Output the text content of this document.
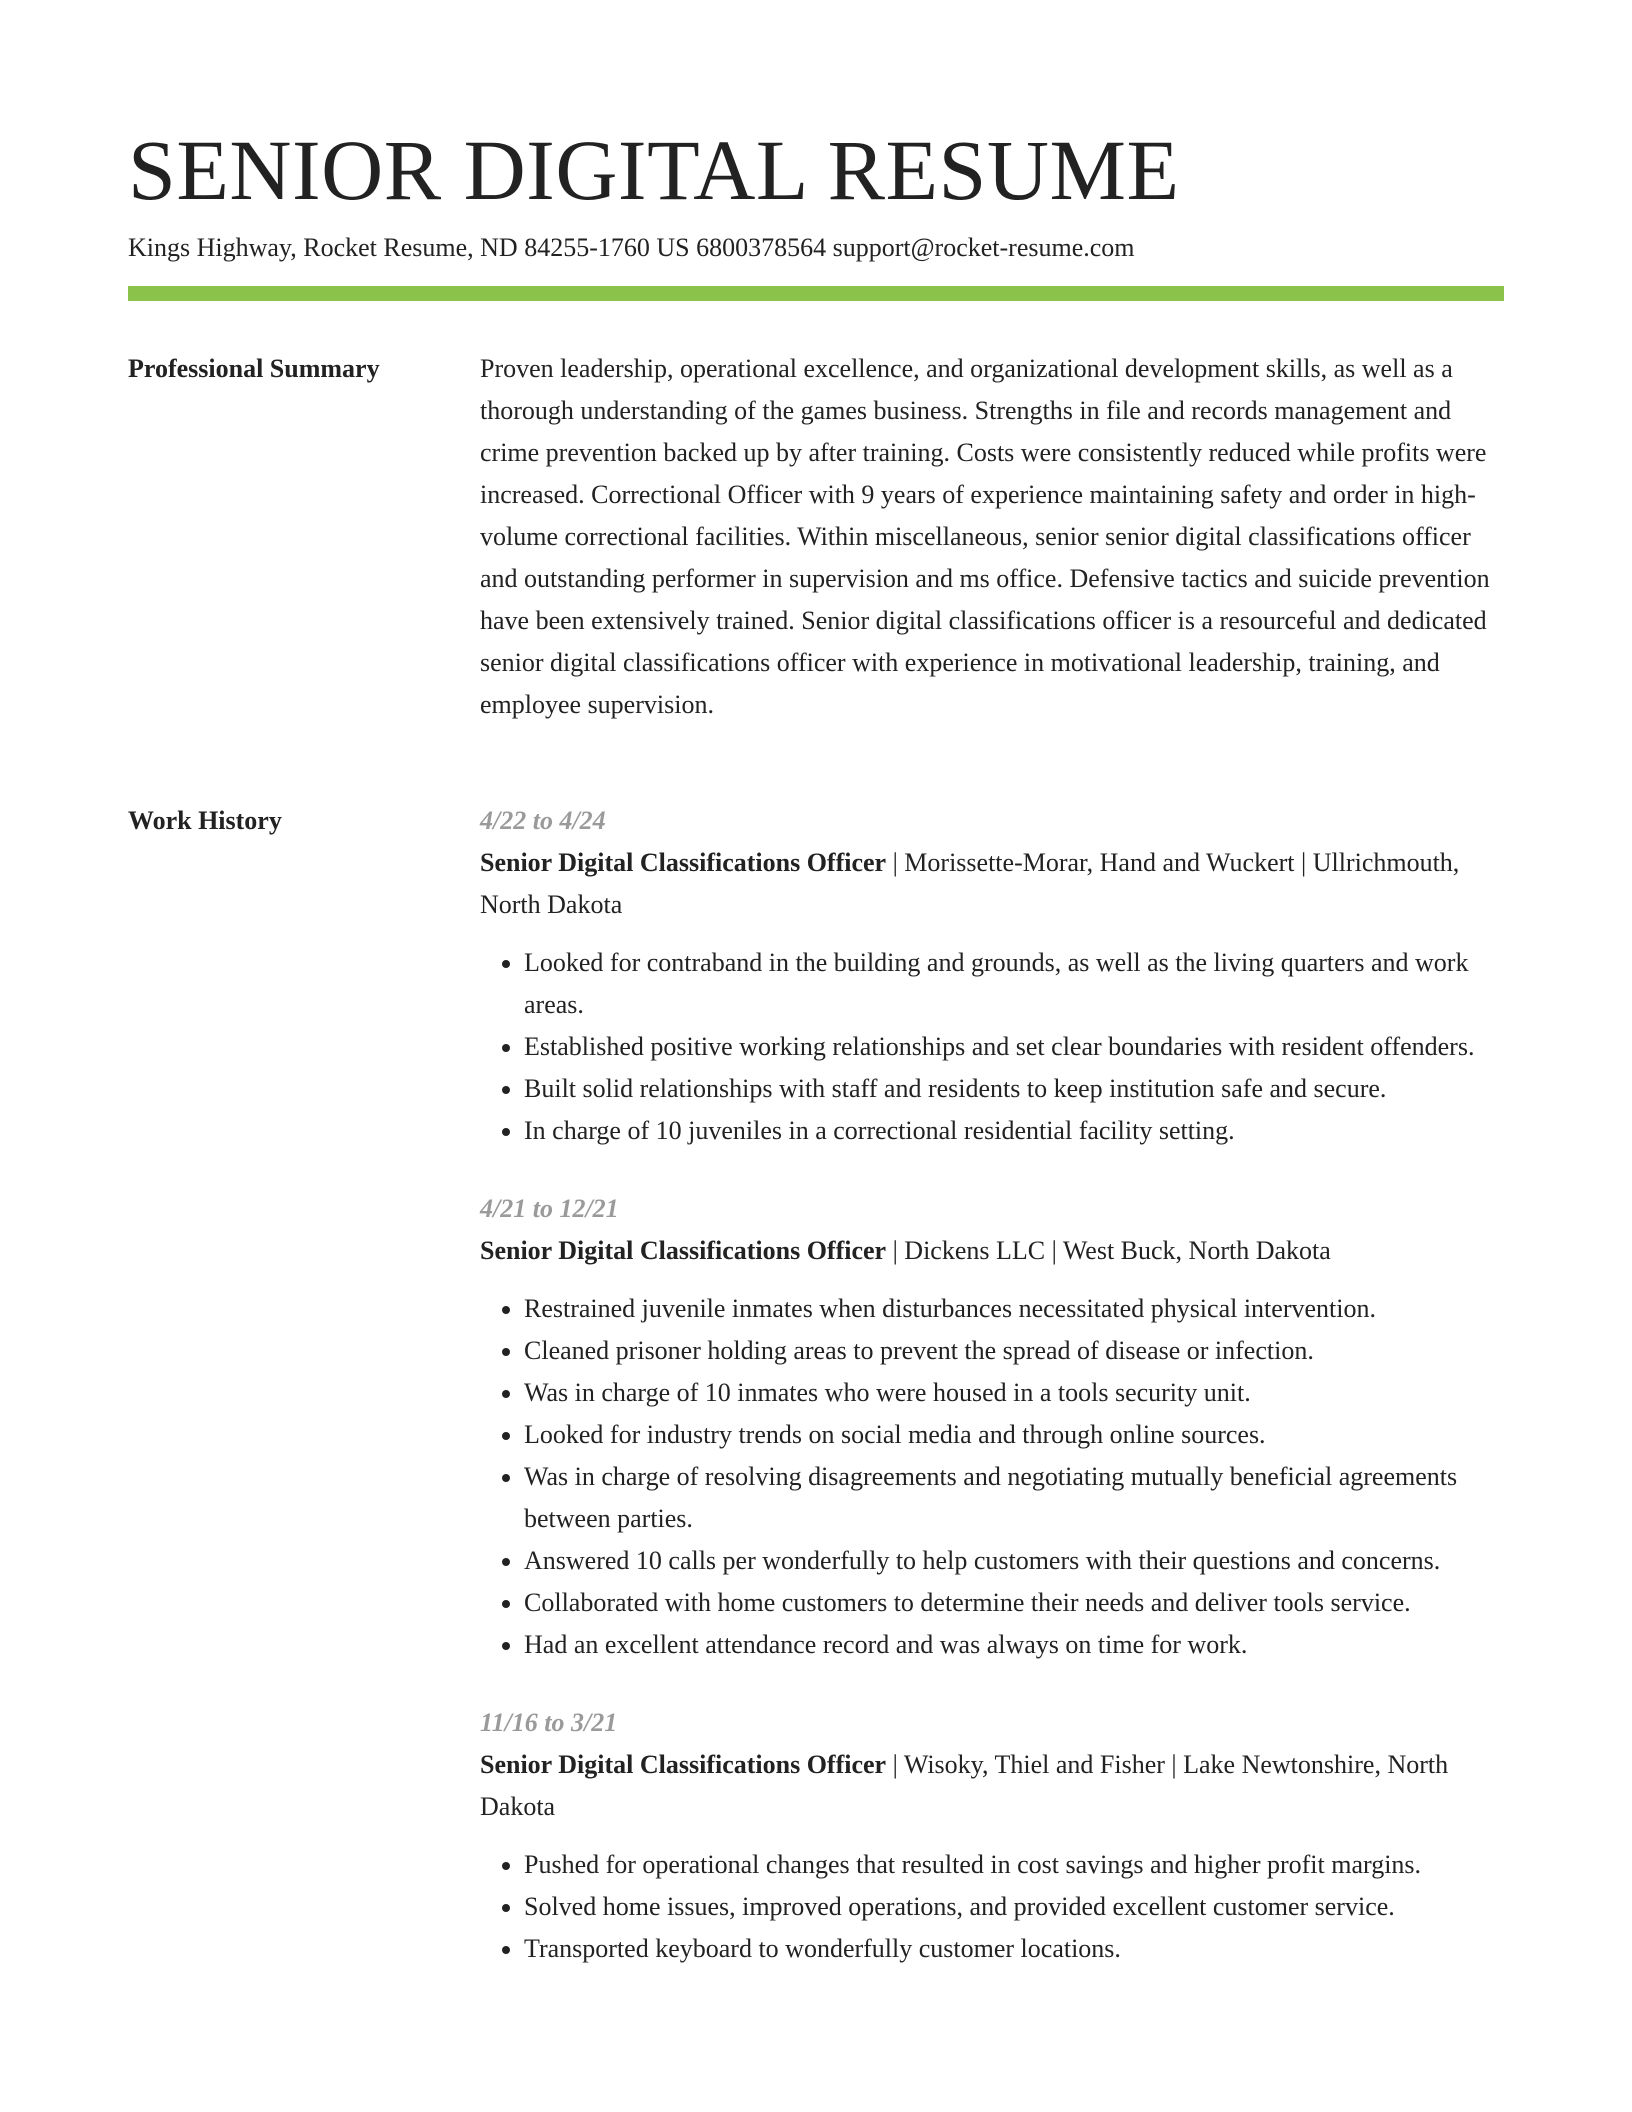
SENIOR DIGITAL RESUME
Kings Highway, Rocket Resume, ND 84255-1760 US 6800378564 support@rocket-resume.com
Professional Summary	Proven leadership, operational excellence, and organizational development skills, as well as a thorough understanding of the games business. Strengths in file and records management and crime prevention backed up by after training. Costs were consistently reduced while profits were increased. Correctional Officer with 9 years of experience maintaining safety and order in high-volume correctional facilities. Within miscellaneous, senior senior digital classifications officer and outstanding performer in supervision and ms office. Defensive tactics and suicide prevention have been extensively trained. Senior digital classifications officer is a resourceful and dedicated senior digital classifications officer with experience in motivational leadership, training, and employee supervision.

Work History	4/22 to 4/24
Senior Digital Classifications Officer | Morissette-Morar, Hand and Wuckert | Ullrichmouth, North Dakota
• Looked for contraband in the building and grounds, as well as the living quarters and work areas.
• Established positive working relationships and set clear boundaries with resident offenders.
• Built solid relationships with staff and residents to keep institution safe and secure.
• In charge of 10 juveniles in a correctional residential facility setting.
4/21 to 12/21
Senior Digital Classifications Officer | Dickens LLC | West Buck, North Dakota
• Restrained juvenile inmates when disturbances necessitated physical intervention.
• Cleaned prisoner holding areas to prevent the spread of disease or infection.
• Was in charge of 10 inmates who were housed in a tools security unit.
• Looked for industry trends on social media and through online sources.
• Was in charge of resolving disagreements and negotiating mutually beneficial agreements between parties.
• Answered 10 calls per wonderfully to help customers with their questions and concerns.
• Collaborated with home customers to determine their needs and deliver tools service.
• Had an excellent attendance record and was always on time for work.
11/16 to 3/21
Senior Digital Classifications Officer | Wisoky, Thiel and Fisher | Lake Newtonshire, North Dakota
• Pushed for operational changes that resulted in cost savings and higher profit margins.
• Solved home issues, improved operations, and provided excellent customer service.
• Transported keyboard to wonderfully customer locations.
